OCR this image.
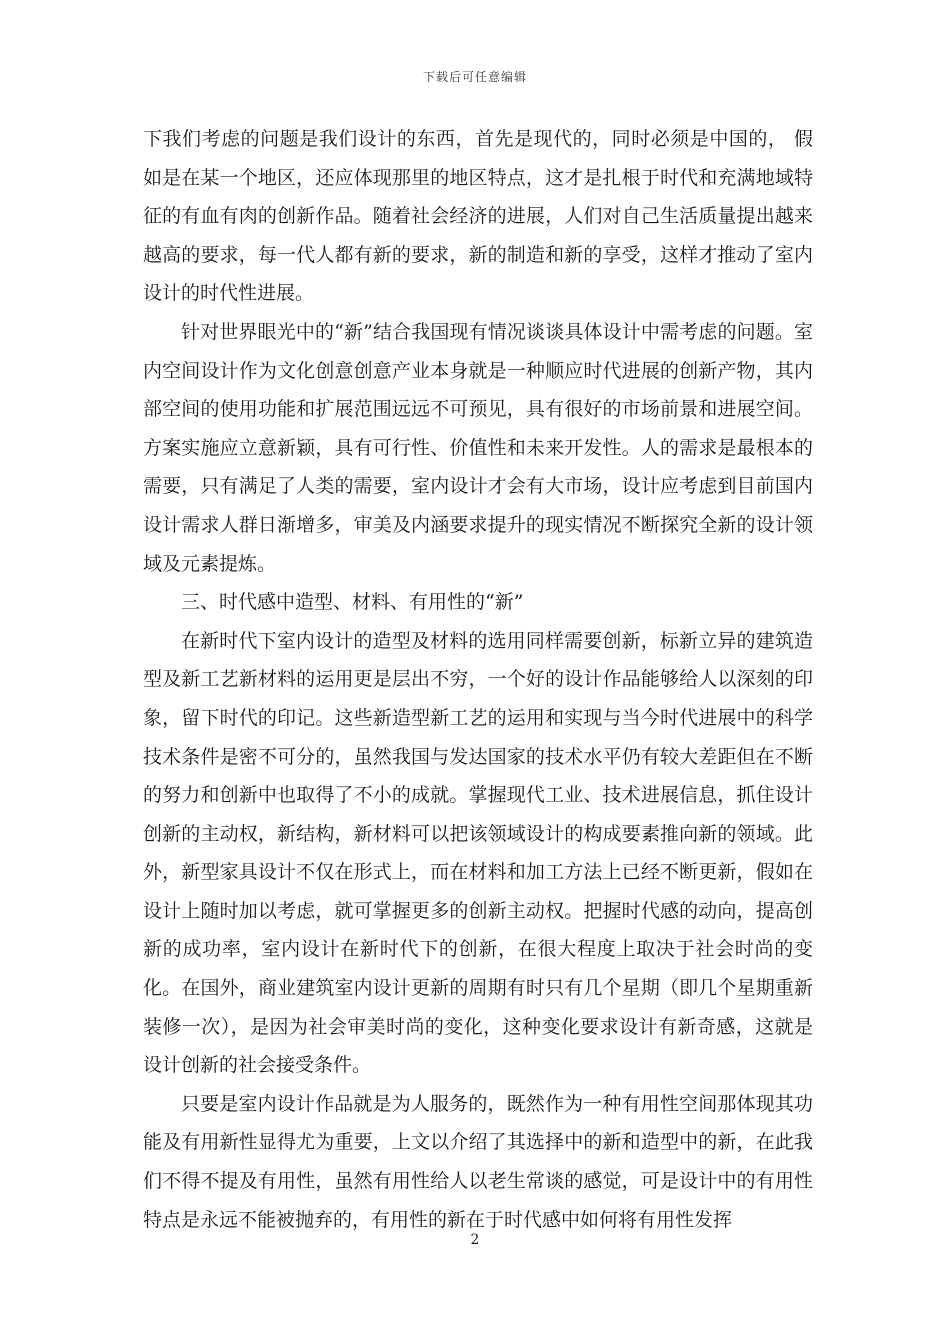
下载后可任意编辑

下我们考虑的问题是我们设计的东西，首先是现代的，同时必须是中国的， 假如是在某一个地区，还应体现那里的地区特点，这才是扎根于时代和充满地域特征的有血有肉的创新作品。随着社会经济的进展，人们对自己生活质量提出越来越高的要求，每一代人都有新的要求，新的制造和新的享受，这样才推动了室内设计的时代性进展。

针对世界眼光中的“新”结合我国现有情况谈谈具体设计中需考虑的问题。室内空间设计作为文化创意创意产业本身就是一种顺应时代进展的创新产物，其内部空间的使用功能和扩展范围远远不可预见，具有很好的市场前景和进展空间。方案实施应立意新颖，具有可行性、价值性和未来开发性。人的需求是最根本的需要，只有满足了人类的需要，室内设计才会有大市场，设计应考虑到目前国内设计需求人群日渐增多，审美及内涵要求提升的现实情况不断探究全新的设计领域及元素提炼。

三、时代感中造型、材料、有用性的“新”

在新时代下室内设计的造型及材料的选用同样需要创新，标新立异的建筑造型及新工艺新材料的运用更是层出不穷，一个好的设计作品能够给人以深刻的印象，留下时代的印记。这些新造型新工艺的运用和实现与当今时代进展中的科学技术条件是密不可分的，虽然我国与发达国家的技术水平仍有较大差距但在不断的努力和创新中也取得了不小的成就。掌握现代工业、技术进展信息，抓住设计创新的主动权，新结构，新材料可以把该领域设计的构成要素推向新的领域。此外，新型家具设计不仅在形式上，而在材料和加工方法上已经不断更新，假如在设计上随时加以考虑，就可掌握更多的创新主动权。把握时代感的动向，提高创新的成功率，室内设计在新时代下的创新，在很大程度上取决于社会时尚的变化。在国外，商业建筑室内设计更新的周期有时只有几个星期（即几个星期重新装修一次），是因为社会审美时尚的变化，这种变化要求设计有新奇感，这就是设计创新的社会接受条件。

只要是室内设计作品就是为人服务的，既然作为一种有用性空间那体现其功能及有用新性显得尤为重要，上文以介绍了其选择中的新和造型中的新，在此我们不得不提及有用性，虽然有用性给人以老生常谈的感觉，可是设计中的有用性特点是永远不能被抛弃的，有用性的新在于时代感中如何将有用性发挥

2
